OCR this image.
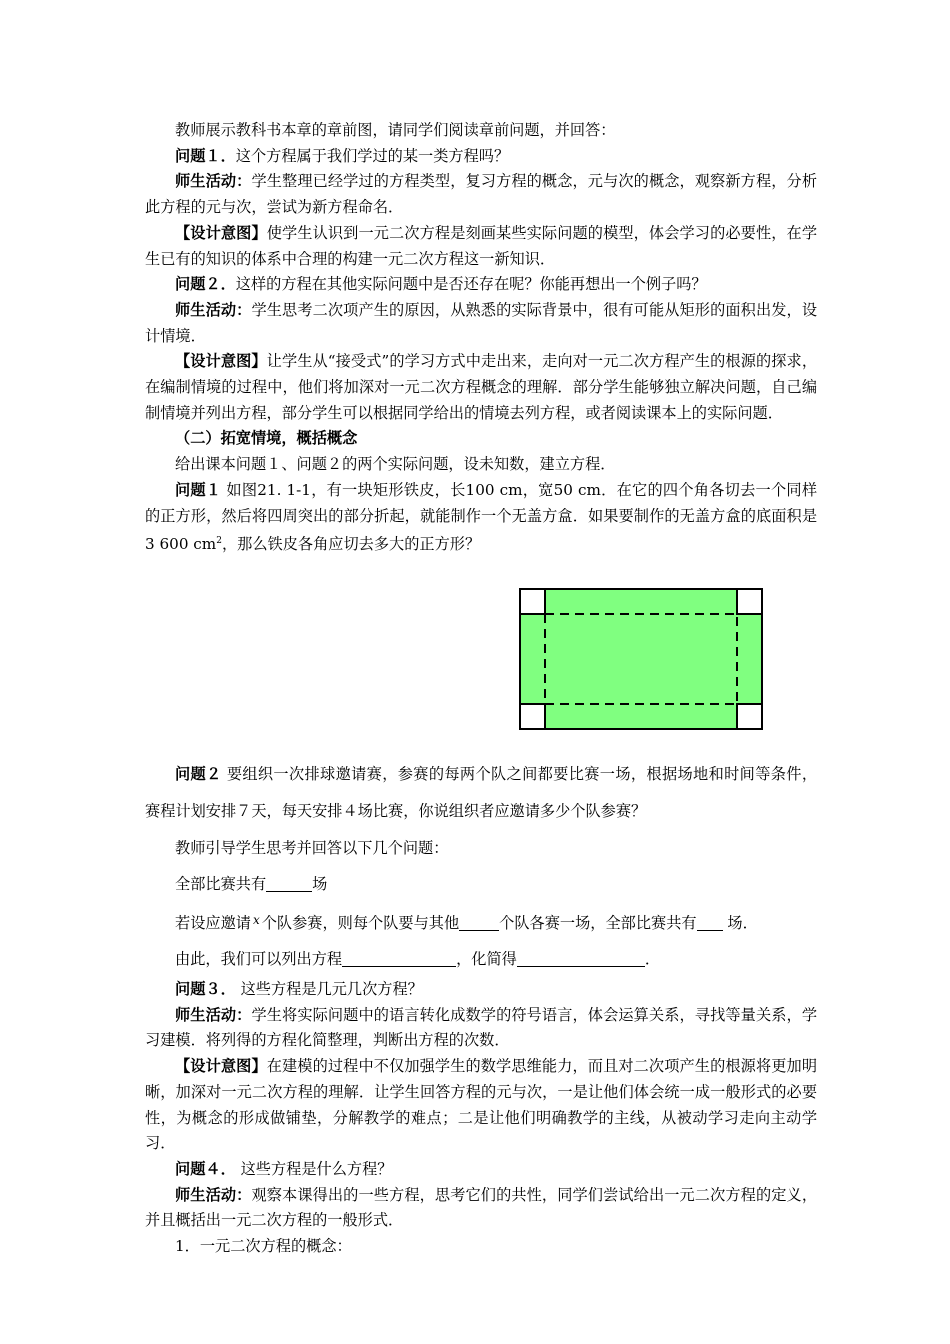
教师展示教科书本章的章前图，请同学们阅读章前问题，并回答：

问题１．这个方程属于我们学过的某一类方程吗？

师生活动：学生整理已经学过的方程类型，复习方程的概念，元与次的概念，观察新方程，分析此方程的元与次，尝试为新方程命名．

【设计意图】使学生认识到一元二次方程是刻画某些实际问题的模型，体会学习的必要性，在学生已有的知识的体系中合理的构建一元二次方程这一新知识．

问题２．这样的方程在其他实际问题中是否还存在呢？你能再想出一个例子吗？

师生活动：学生思考二次项产生的原因，从熟悉的实际背景中，很有可能从矩形的面积出发，设计情境．

【设计意图】让学生从“接受式”的学习方式中走出来，走向对一元二次方程产生的根源的探求，在编制情境的过程中，他们将加深对一元二次方程概念的理解．部分学生能够独立解决问题，自己编制情境并列出方程，部分学生可以根据同学给出的情境去列方程，或者阅读课本上的实际问题．

（二）拓宽情境，概括概念

给出课本问题１、问题２的两个实际问题，设未知数，建立方程．

问题１ 如图21. 1-1，有一块矩形铁皮，长100 cm，宽50 cm．在它的四个角各切去一个同样的正方形，然后将四周突出的部分折起，就能制作一个无盖方盒．如果要制作的无盖方盒的底面积是3 600 $cm^2$，那么铁皮各角应切去多大的正方形？

问题２ 要组织一次排球邀请赛，参赛的每两个队之间都要比赛一场，根据场地和时间等条件，赛程计划安排７天，每天安排４场比赛，你说组织者应邀请多少个队参赛？

教师引导学生思考并回答以下几个问题：

全部比赛共有	场

若设应邀请 $^x$ 个队参赛，则每个队要与其他	个队各赛一场，全部比赛共有 场．

由此，我们可以列出方程	，化简得	．

问题３． 这些方程是几元几次方程？

师生活动：学生将实际问题中的语言转化成数学的符号语言，体会运算关系，寻找等量关系，学习建模．将列得的方程化简整理，判断出方程的次数．

【设计意图】在建模的过程中不仅加强学生的数学思维能力，而且对二次项产生的根源将更加明晰，加深对一元二次方程的理解．让学生回答方程的元与次，一是让他们体会统一成一般形式的必要性，为概念的形成做铺垫，分解教学的难点；二是让他们明确教学的主线，从被动学习走向主动学习．

问题４． 这些方程是什么方程？

师生活动：观察本课得出的一些方程，思考它们的共性，同学们尝试给出一元二次方程的定义，并且概括出一元二次方程的一般形式．

1．一元二次方程的概念：
